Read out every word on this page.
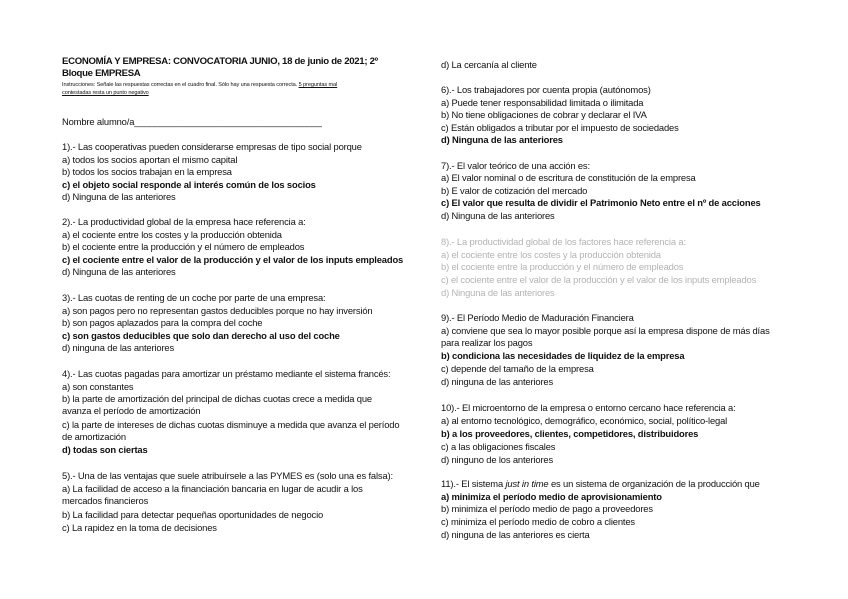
ECONOMÍA Y EMPRESA: CONVOCATORIA JUNIO, 18 de junio de 2021; 2º
Bloque EMPRESA
Instrucciones: Señale las respuestas correctas en el cuadro final. Sólo hay una respuesta correcta. 5 preguntas mal
contestadas resta un punto negativo
Nombre alumno/a_____________________________________
1).- Las cooperativas pueden considerarse empresas de tipo social porque
a) todos los socios aportan el mismo capital
b) todos los socios trabajan en la empresa
c) el objeto social responde al interés común de los socios
d) Ninguna de las anteriores
2).- La productividad global de la empresa hace referencia a:
a) el cociente entre los costes y la producción obtenida
b) el cociente entre la producción y el número de empleados
c) el cociente entre el valor de la producción y el valor de los inputs empleados
d) Ninguna de las anteriores
3).- Las cuotas de renting de un coche por parte de una empresa:
a) son pagos pero no representan gastos deducibles porque no hay inversión
b) son pagos aplazados para la compra del coche
c) son gastos deducibles que solo dan derecho al uso del coche
d) ninguna de las anteriores
4).- Las cuotas pagadas para amortizar un préstamo mediante el sistema francés:
a) son constantes
b) la parte de amortización del principal de dichas cuotas crece a medida que
avanza el período de amortización
c) la parte de intereses de dichas cuotas disminuye a medida que avanza el período
de amortización
d) todas son ciertas
5).- Una de las ventajas que suele atribuírsele a las PYMES es (solo una es falsa):
a) La facilidad de acceso a la financiación bancaria en lugar de acudir a los
mercados financieros
b) La facilidad para detectar pequeñas oportunidades de negocio
c) La rapidez en la toma de decisiones
d) La cercanía al cliente
6).- Los trabajadores por cuenta propia (autónomos)
a) Puede tener responsabilidad limitada o ilimitada
b) No tiene obligaciones de cobrar y declarar el IVA
c) Están obligados a tributar por el impuesto de sociedades
d) Ninguna de las anteriores
7).- El valor teórico de una acción es:
a) El valor nominal o de escritura de constitución de la empresa
b) E valor de cotización del mercado
c) El valor que resulta de dividir el Patrimonio Neto entre el nº de acciones
d) Ninguna de las anteriores
8).- La productividad global de los factores hace referencia a:
a) el cociente entre los costes y la producción obtenida
b) el cociente entre la producción y el número de empleados
c) el cociente entre el valor de la producción y el valor de los inputs empleados
d) Ninguna de las anteriores
9).- El Período Medio de Maduración Financiera
a) conviene que sea lo mayor posible porque así la empresa dispone de más días
para realizar los pagos
b) condiciona las necesidades de liquidez de la empresa
c) depende del tamaño de la empresa
d) ninguna de las anteriores
10).- El microentorno de la empresa o entorno cercano hace referencia a:
a) al entorno tecnológico, demográfico, económico, social, político-legal
b) a los proveedores, clientes, competidores, distribuidores
c) a las obligaciones fiscales
d) ninguno de los anteriores
11).- El sistema just in time es un sistema de organización de la producción que
a) minimiza el período medio de aprovisionamiento
b) minimiza el período medio de pago a proveedores
c) minimiza el período medio de cobro a clientes
d) ninguna de las anteriores es cierta
